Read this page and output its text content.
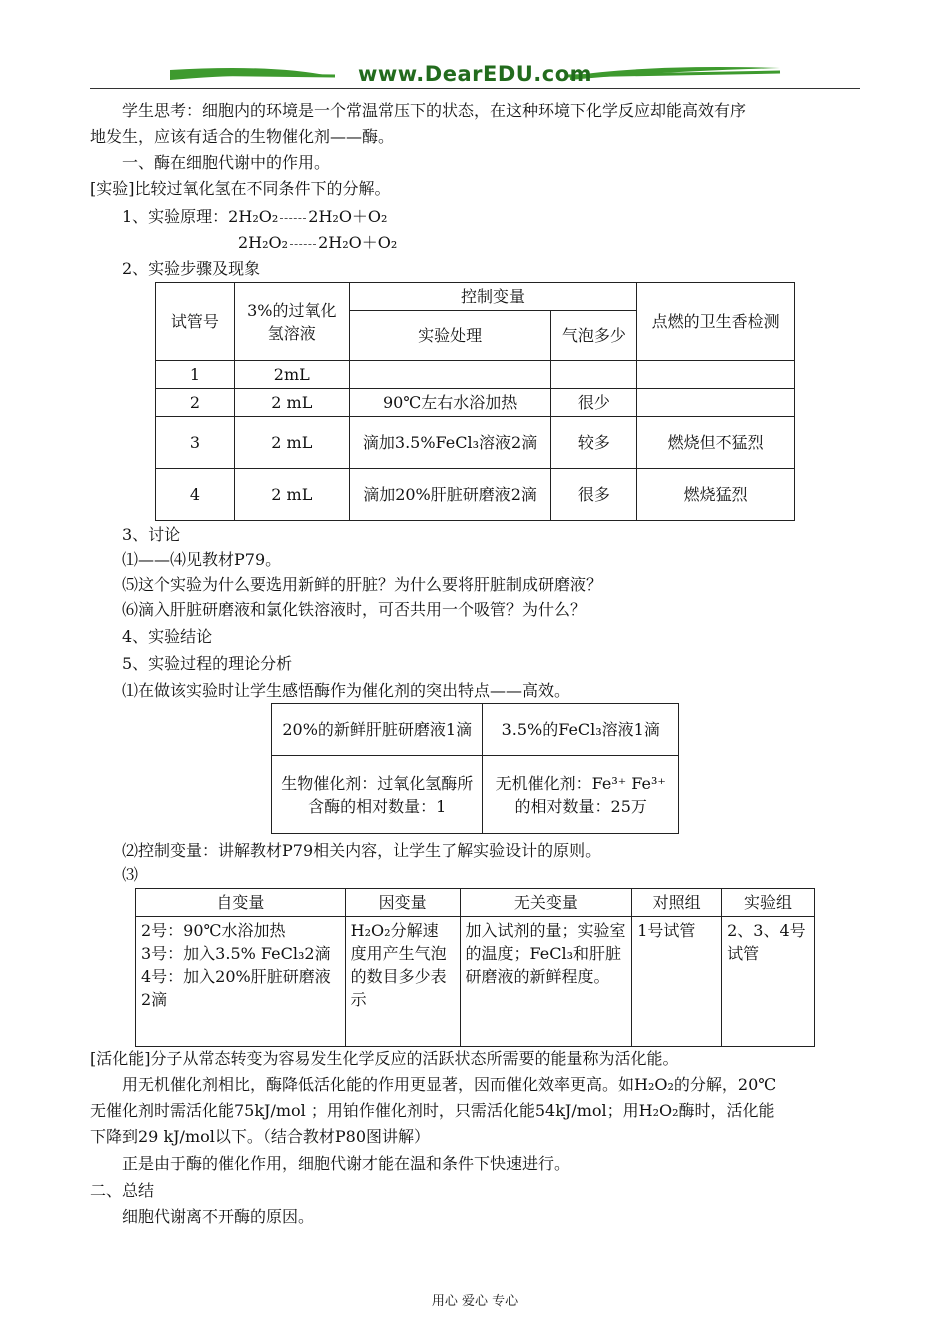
www.DearEDU.com
学生思考：细胞内的环境是一个常温常压下的状态，在这种环境下化学反应却能高效有序
地发生，应该有适合的生物催化剂——酶。
一、酶在细胞代谢中的作用。
[实验]比较过氧化氢在不同条件下的分解。
1、实验原理：2H₂O₂ 2H₂O＋O₂
2H₂O₂ 2H₂O＋O₂
2、实验步骤及现象
试管号	3%的过氧化氢溶液	控制变量		点燃的卫生香检测
		实验处理	气泡多少	
1	2mL			
2	2 mL	90℃左右水浴加热	很少	
3	2 mL	滴加3.5%FeCl₃溶液2滴	较多	燃烧但不猛烈
4	2 mL	滴加20%肝脏研磨液2滴	很多	燃烧猛烈
3、讨论
⑴——⑷见教材P79。
⑸这个实验为什么要选用新鲜的肝脏？为什么要将肝脏制成研磨液？
⑹滴入肝脏研磨液和氯化铁溶液时，可否共用一个吸管？为什么？
4、实验结论
5、实验过程的理论分析
⑴在做该实验时让学生感悟酶作为催化剂的突出特点——高效。
20%的新鲜肝脏研磨液1滴	3.5%的FeCl₃溶液1滴
生物催化剂：过氧化氢酶所含酶的相对数量：1	无机催化剂：Fe³⁺ Fe³⁺的相对数量：25万
⑵控制变量：讲解教材P79相关内容，让学生了解实验设计的原则。
⑶
自变量	因变量	无关变量	对照组	实验组

2号：90℃水浴加热
3号：加入3.5% FeCl₃2滴
4号：加入20%肝脏研磨液2滴	H₂O₂分解速度用产生气泡的数目多少表示	加入试剂的量；实验室的温度；FeCl₃和肝脏研磨液的新鲜程度。	1号试管	2、3、4号试管
[活化能]分子从常态转变为容易发生化学反应的活跃状态所需要的能量称为活化能。
用无机催化剂相比，酶降低活化能的作用更显著，因而催化效率更高。如H₂O₂的分解，20℃
无催化剂时需活化能75kJ/mol ；用铂作催化剂时，只需活化能54kJ/mol；用H₂O₂酶时，活化能
下降到29 kJ/mol以下。（结合教材P80图讲解）
正是由于酶的催化作用，细胞代谢才能在温和条件下快速进行。
二、总结
细胞代谢离不开酶的原因。
用心 爱心 专心
